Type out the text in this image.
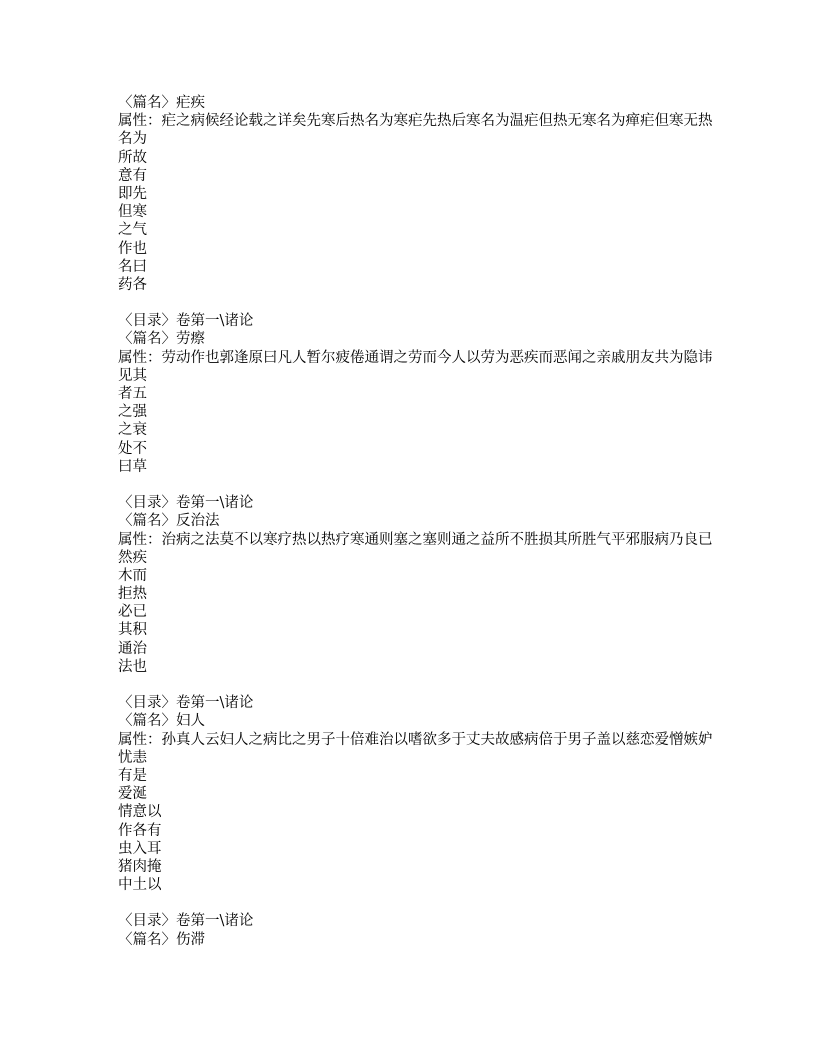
〈篇名〉疟疾
属性：疟之病候经论载之详矣先寒后热名为寒疟先热后寒名为温疟但热无寒名为瘅疟但寒无热
名为
所故
意有
即先
但寒
之气
作也
名曰
药各
〈目录〉卷第一\诸论
〈篇名〉劳瘵
属性：劳动作也郭逢原曰凡人暂尔疲倦通谓之劳而今人以劳为恶疾而恶闻之亲戚朋友共为隐讳
见其
者五
之强
之衰
处不
曰草
〈目录〉卷第一\诸论
〈篇名〉反治法
属性：治病之法莫不以寒疗热以热疗寒通则塞之塞则通之益所不胜损其所胜气平邪服病乃良已
然疾
木而
拒热
必已
其积
通治
法也
〈目录〉卷第一\诸论
〈篇名〉妇人
属性：孙真人云妇人之病比之男子十倍难治以嗜欲多于丈夫故感病倍于男子盖以慈恋爱憎嫉妒
忧恚
有是
爱涎
情意以
作各有
虫入耳
猪肉掩
中土以
〈目录〉卷第一\诸论
〈篇名〉伤滞
